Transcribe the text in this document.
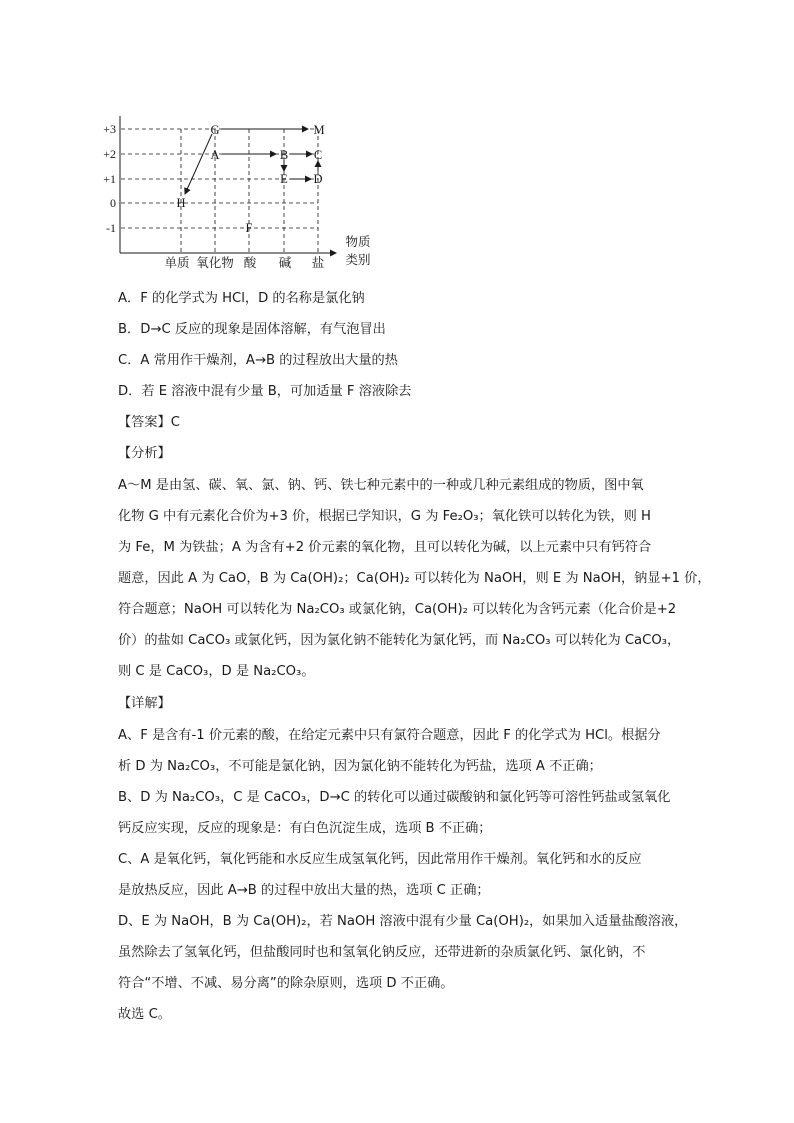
+3
+2
+1
0
-1
G	M
A	B C
E D
H
F
单质 氧化物 酸 碱 盐
物质
类别
A．F 的化学式为 HCl，D 的名称是氯化钠
B．D→C 反应的现象是固体溶解，有气泡冒出
C．A 常用作干燥剂，A→B 的过程放出大量的热
D．若 E 溶液中混有少量 B，可加适量 F 溶液除去
【答案】C
【分析】
A～M 是由氢、碳、氧、氯、钠、钙、铁七种元素中的一种或几种元素组成的物质，图中氧
化物 G 中有元素化合价为+3 价，根据已学知识，G 为 Fe₂O₃；氧化铁可以转化为铁，则 H
为 Fe，M 为铁盐；A 为含有+2 价元素的氧化物，且可以转化为碱，以上元素中只有钙符合
题意，因此 A 为 CaO，B 为 Ca(OH)₂；Ca(OH)₂ 可以转化为 NaOH，则 E 为 NaOH，钠显+1 价，
符合题意；NaOH 可以转化为 Na₂CO₃ 或氯化钠，Ca(OH)₂ 可以转化为含钙元素（化合价是+2
价）的盐如 CaCO₃ 或氯化钙，因为氯化钠不能转化为氯化钙，而 Na₂CO₃ 可以转化为 CaCO₃，
则 C 是 CaCO₃，D 是 Na₂CO₃。
【详解】
A、F 是含有-1 价元素的酸，在给定元素中只有氯符合题意，因此 F 的化学式为 HCl。根据分
析 D 为 Na₂CO₃，不可能是氯化钠，因为氯化钠不能转化为钙盐，选项 A 不正确；
B、D 为 Na₂CO₃，C 是 CaCO₃，D→C 的转化可以通过碳酸钠和氯化钙等可溶性钙盐或氢氧化
钙反应实现，反应的现象是：有白色沉淀生成，选项 B 不正确；
C、A 是氧化钙，氧化钙能和水反应生成氢氧化钙，因此常用作干燥剂。氧化钙和水的反应
是放热反应，因此 A→B 的过程中放出大量的热，选项 C 正确；
D、E 为 NaOH，B 为 Ca(OH)₂，若 NaOH 溶液中混有少量 Ca(OH)₂，如果加入适量盐酸溶液，
虽然除去了氢氧化钙，但盐酸同时也和氢氧化钠反应，还带进新的杂质氯化钙、氯化钠，不
符合“不增、不减、易分离”的除杂原则，选项 D 不正确。
故选 C。
